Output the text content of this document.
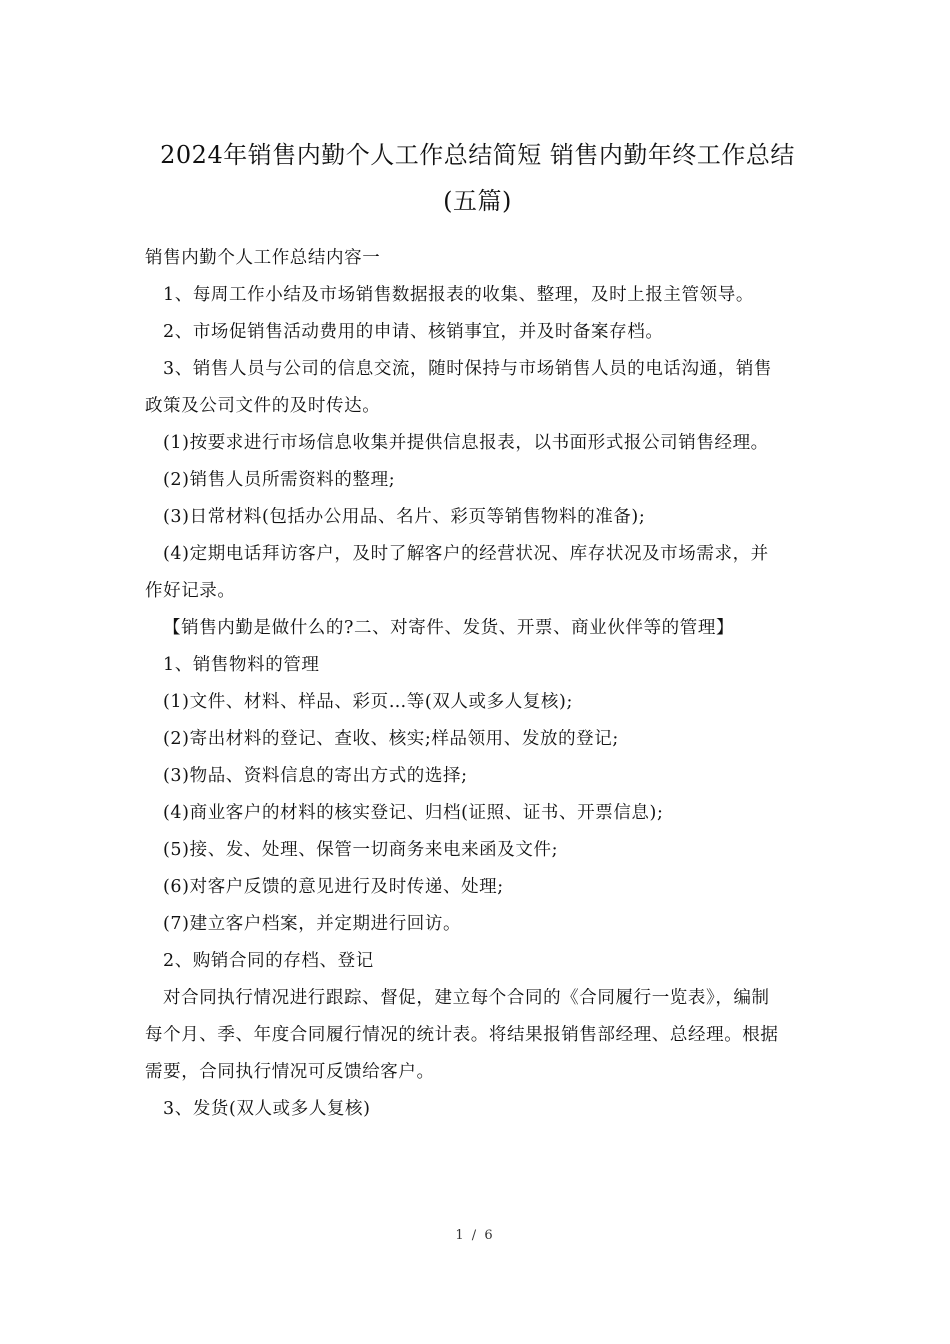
2024年销售内勤个人工作总结简短 销售内勤年终工作总结
(五篇)
销售内勤个人工作总结内容一
1、每周工作小结及市场销售数据报表的收集、整理，及时上报主管领导。
2、市场促销售活动费用的申请、核销事宜，并及时备案存档。
3、销售人员与公司的信息交流，随时保持与市场销售人员的电话沟通，销售
政策及公司文件的及时传达。
(1)按要求进行市场信息收集并提供信息报表，以书面形式报公司销售经理。
(2)销售人员所需资料的整理;
(3)日常材料(包括办公用品、名片、彩页等销售物料的准备);
(4)定期电话拜访客户，及时了解客户的经营状况、库存状况及市场需求，并
作好记录。
【销售内勤是做什么的?二、对寄件、发货、开票、商业伙伴等的管理】
1、销售物料的管理
(1)文件、材料、样品、彩页…等(双人或多人复核);
(2)寄出材料的登记、查收、核实;样品领用、发放的登记;
(3)物品、资料信息的寄出方式的选择;
(4)商业客户的材料的核实登记、归档(证照、证书、开票信息);
(5)接、发、处理、保管一切商务来电来函及文件;
(6)对客户反馈的意见进行及时传递、处理;
(7)建立客户档案，并定期进行回访。
2、购销合同的存档、登记
对合同执行情况进行跟踪、督促，建立每个合同的《合同履行一览表》，编制
每个月、季、年度合同履行情况的统计表。将结果报销售部经理、总经理。根据
需要，合同执行情况可反馈给客户。
3、发货(双人或多人复核)
1 / 6
